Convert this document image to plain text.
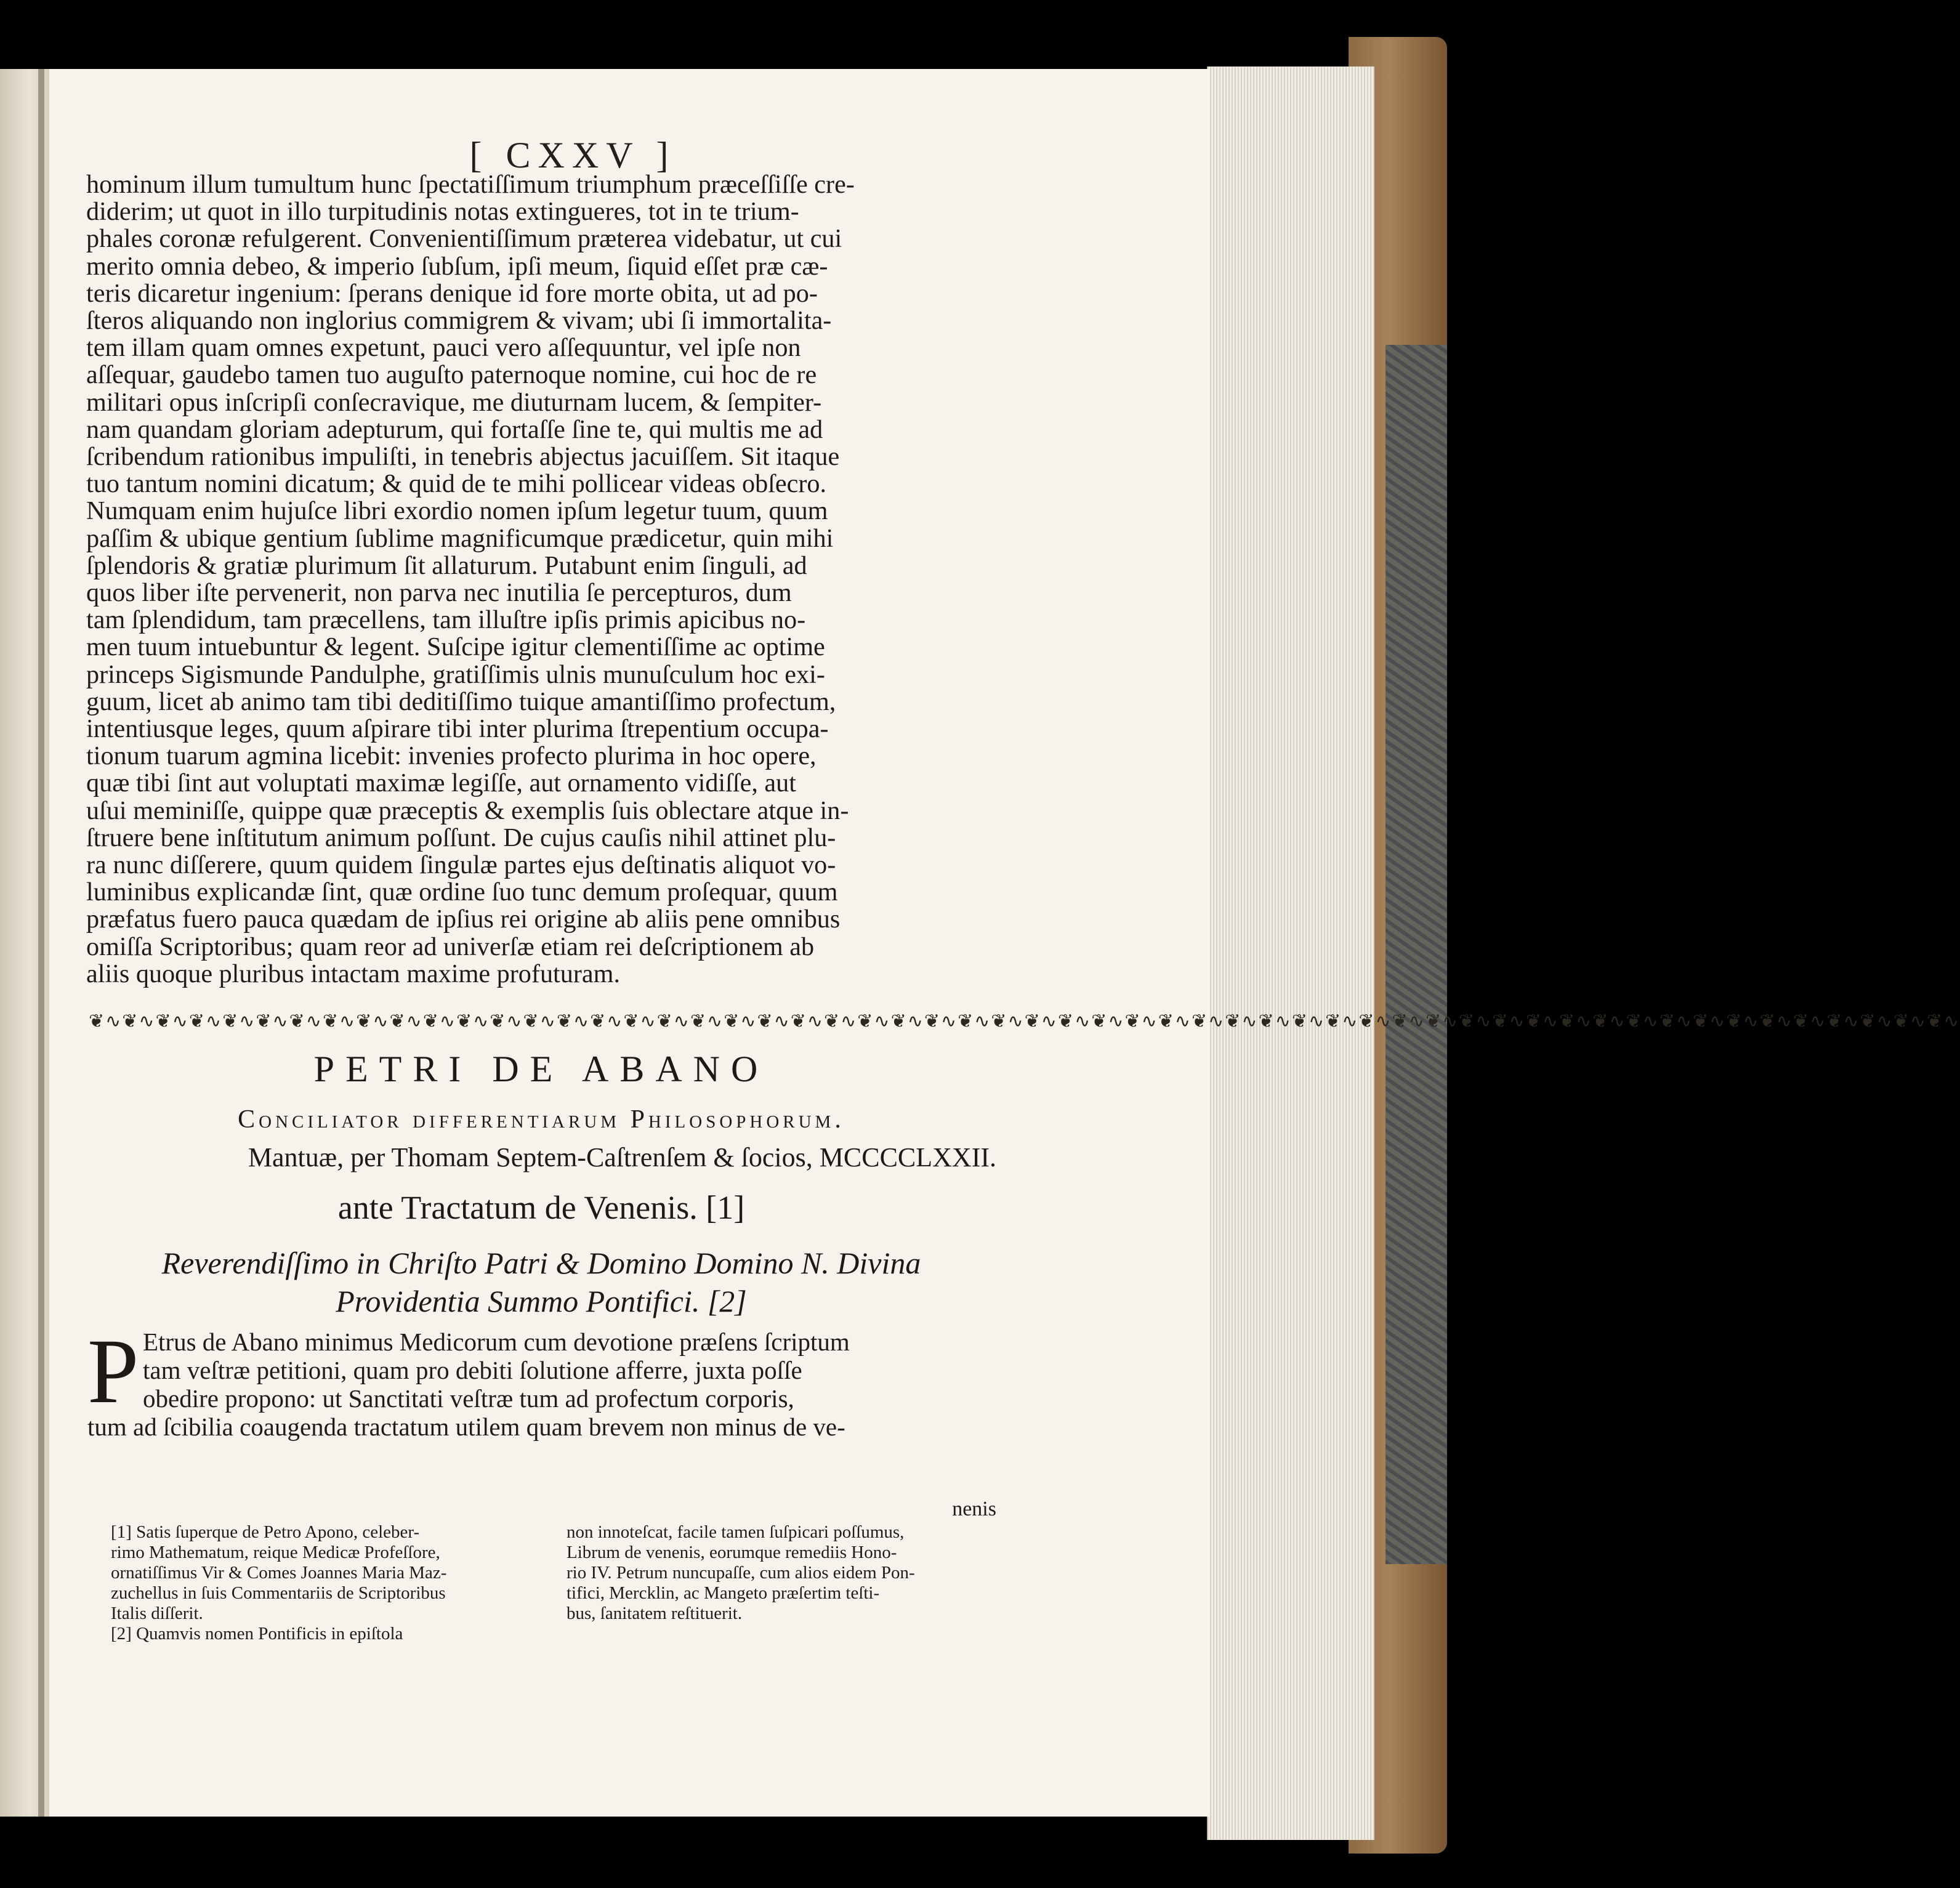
[ CXXV ]
hominum illum tumultum hunc ſpectatiſſimum triumphum præceſſiſſe cre-
diderim; ut quot in illo turpitudinis notas extingueres, tot in te trium-
phales coronæ refulgerent. Convenientiſſimum præterea videbatur, ut cui
merito omnia debeo, & imperio ſubſum, ipſi meum, ſiquid eſſet præ cæ-
teris dicaretur ingenium: ſperans denique id fore morte obita, ut ad po-
ſteros aliquando non inglorius commigrem & vivam; ubi ſi immortalita-
tem illam quam omnes expetunt, pauci vero aſſequuntur, vel ipſe non
aſſequar, gaudebo tamen tuo auguſto paternoque nomine, cui hoc de re
militari opus inſcripſi conſecravique, me diuturnam lucem, & ſempiter-
nam quandam gloriam adepturum, qui fortaſſe ſine te, qui multis me ad
ſcribendum rationibus impuliſti, in tenebris abjectus jacuiſſem. Sit itaque
tuo tantum nomini dicatum; & quid de te mihi pollicear videas obſecro.
Numquam enim hujuſce libri exordio nomen ipſum legetur tuum, quum
paſſim & ubique gentium ſublime magnificumque prædicetur, quin mihi
ſplendoris & gratiæ plurimum ſit allaturum. Putabunt enim ſinguli, ad
quos liber iſte pervenerit, non parva nec inutilia ſe percepturos, dum
tam ſplendidum, tam præcellens, tam illuſtre ipſis primis apicibus no-
men tuum intuebuntur & legent. Suſcipe igitur clementiſſime ac optime
princeps Sigismunde Pandulphe, gratiſſimis ulnis munuſculum hoc exi-
guum, licet ab animo tam tibi deditiſſimo tuique amantiſſimo profectum,
intentiusque leges, quum aſpirare tibi inter plurima ſtrepentium occupa-
tionum tuarum agmina licebit: invenies profecto plurima in hoc opere,
quæ tibi ſint aut voluptati maximæ legiſſe, aut ornamento vidiſſe, aut
uſui meminiſſe, quippe quæ præceptis & exemplis ſuis oblectare atque in-
ſtruere bene inſtitutum animum poſſunt. De cujus cauſis nihil attinet plu-
ra nunc diſſerere, quum quidem ſingulæ partes ejus deſtinatis aliquot vo-
luminibus explicandæ ſint, quæ ordine ſuo tunc demum proſequar, quum
præfatus fuero pauca quædam de ipſius rei origine ab aliis pene omnibus
omiſſa Scriptoribus; quam reor ad univerſæ etiam rei deſcriptionem ab
aliis quoque pluribus intactam maxime profuturam.
❦∿❦∿ ❦∿❦∿ ❦∿❦∿ ❦∿❦∿ ❦∿❦∿ ❦∿❦∿ ❦∿❦∿ ❦∿❦∿ ❦∿❦∿ ❦∿❦∿ ❦∿❦∿ ❦∿❦∿ ❦∿❦∿ ❦∿❦∿ ❦∿❦∿ ❦∿❦∿ ❦∿❦∿ ❦∿❦∿ ❦∿❦∿ ❦∿❦∿ ❦∿❦∿ ❦∿❦∿ ❦∿❦∿ ❦∿❦∿ ❦∿❦∿ ❦∿❦∿ ❦∿❦∿ ❦∿❦∿
PETRI DE ABANO
Conciliator differentiarum Philosophorum.
Mantuæ, per Thomam Septem-Caſtrenſem & ſocios, MCCCCLXXII.
ante Tractatum de Venenis. [1]
Reverendiſſimo in Chriſto Patri & Domino Domino N. Divina
Providentia Summo Pontifici. [2]
P Etrus de Abano minimus Medicorum cum devotione præſens ſcriptum
tam veſtræ petitioni, quam pro debiti ſolutione afferre, juxta poſſe
obedire propono: ut Sanctitati veſtræ tum ad profectum corporis,
tum ad ſcibilia coaugenda tractatum utilem quam brevem non minus de ve-
nenis
[1] Satis ſuperque de Petro Apono, celeber-
rimo Mathematum, reique Medicæ Profeſſore,
ornatiſſimus Vir & Comes Joannes Maria Maz-
zuchellus in ſuis Commentariis de Scriptoribus
Italis diſſerit.
[2] Quamvis nomen Pontificis in epiſtola
non innoteſcat, facile tamen ſuſpicari poſſumus,
Librum de venenis, eorumque remediis Hono-
rio IV. Petrum nuncupaſſe, cum alios eidem Pon-
tifici, Mercklin, ac Mangeto præſertim teſti-
bus, ſanitatem reſtituerit.
